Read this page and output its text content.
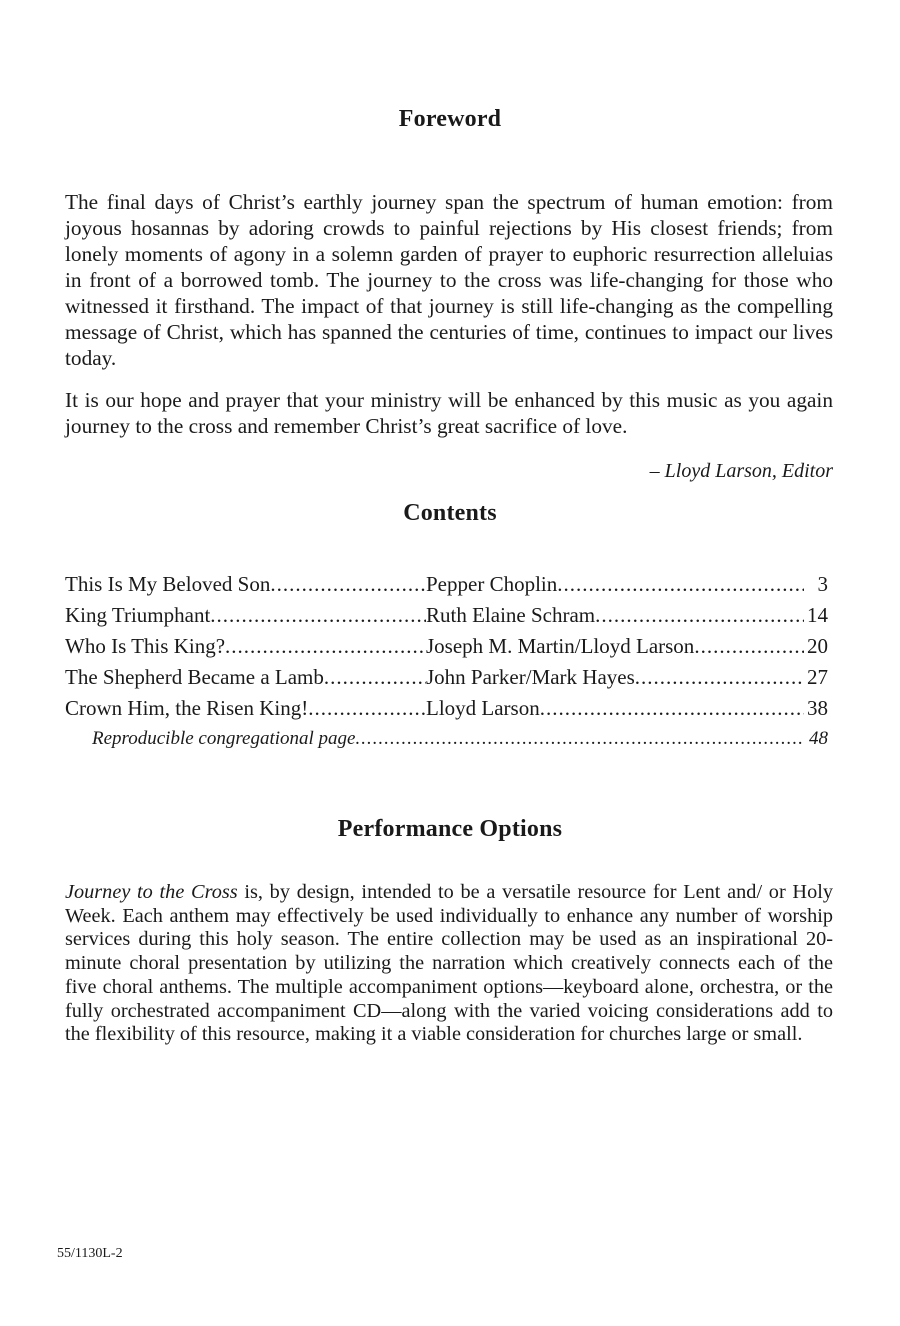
Foreword

The final days of Christ’s earthly journey span the spectrum of human emotion: from joyous hosannas by adoring crowds to painful rejections by His closest friends; from lonely moments of agony in a solemn garden of prayer to euphoric resurrection alleluias in front of a borrowed tomb. The journey to the cross was life-changing for those who witnessed it firsthand. The impact of that journey is still life-changing as the compelling message of Christ, which has spanned the centuries of time, continues to impact our lives today.

It is our hope and prayer that your ministry will be enhanced by this music as you again journey to the cross and remember Christ’s great sacrifice of love.

– Lloyd Larson, Editor
Contents
This Is My Beloved Son .....	Pepper Choplin .....	3
King Triumphant .....	Ruth Elaine Schram .....	14
Who Is This King? .....	Joseph M. Martin/Lloyd Larson .....	20
The Shepherd Became a Lamb .....	John Parker/Mark Hayes .....	27
Crown Him, the Risen King! .....	Lloyd Larson .....	38
Reproducible congregational page .....	48
Performance Options

Journey to the Cross is, by design, intended to be a versatile resource for Lent and/ or Holy Week. Each anthem may effectively be used individually to enhance any number of worship services during this holy season. The entire collection may be used as an inspirational 20-minute choral presentation by utilizing the narration which creatively connects each of the five choral anthems. The multiple accompaniment options—keyboard alone, orchestra, or the fully orchestrated accompaniment CD—along with the varied voicing considerations add to the flexibility of this resource, making it a viable consideration for churches large or small.

55/1130L-2
